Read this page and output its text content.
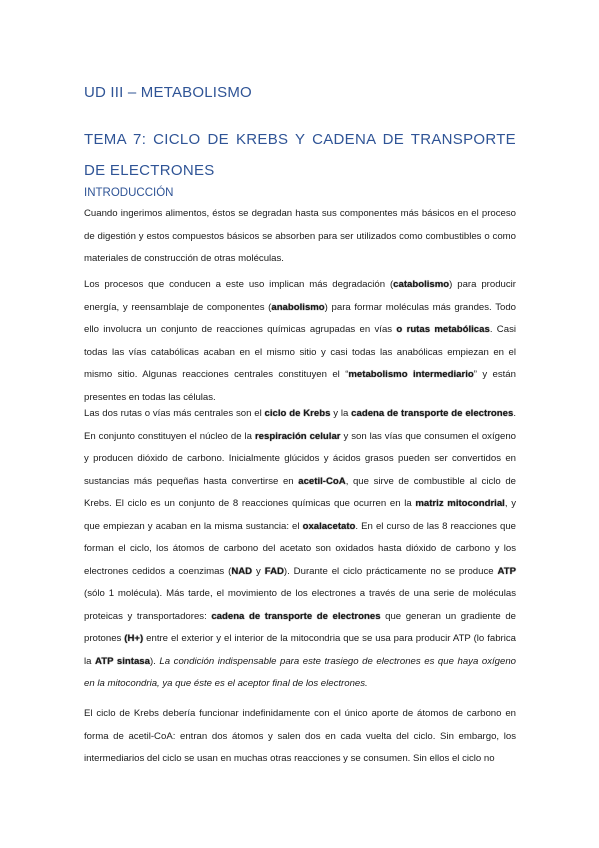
UD III – METABOLISMO
TEMA 7: CICLO DE KREBS Y CADENA DE TRANSPORTE DE ELECTRONES
INTRODUCCIÓN

Cuando ingerimos alimentos, éstos se degradan hasta sus componentes más básicos en el proceso de digestión y estos compuestos básicos se absorben para ser utilizados como combustibles o como materiales de construcción de otras moléculas.

Los procesos que conducen a este uso implican más degradación (catabolismo) para producir energía, y reensamblaje de componentes (anabolismo) para formar moléculas más grandes. Todo ello involucra un conjunto de reacciones químicas agrupadas en vías o rutas metabólicas. Casi todas las vías catabólicas acaban en el mismo sitio y casi todas las anabólicas empiezan en el mismo sitio. Algunas reacciones centrales constituyen el “metabolismo intermediario” y están presentes en todas las células.

Las dos rutas o vías más centrales son el ciclo de Krebs y la cadena de transporte de electrones. En conjunto constituyen el núcleo de la respiración celular y son las vías que consumen el oxígeno y producen dióxido de carbono. Inicialmente glúcidos y ácidos grasos pueden ser convertidos en sustancias más pequeñas hasta convertirse en acetil-CoA, que sirve de combustible al ciclo de Krebs. El ciclo es un conjunto de 8 reacciones químicas que ocurren en la matriz mitocondrial, y que empiezan y acaban en la misma sustancia: el oxalacetato. En el curso de las 8 reacciones que forman el ciclo, los átomos de carbono del acetato son oxidados hasta dióxido de carbono y los electrones cedidos a coenzimas (NAD y FAD). Durante el ciclo prácticamente no se produce ATP (sólo 1 molécula). Más tarde, el movimiento de los electrones a través de una serie de moléculas proteicas y transportadores: cadena de transporte de electrones que generan un gradiente de protones (H+) entre el exterior y el interior de la mitocondria que se usa para producir ATP (lo fabrica la ATP sintasa). La condición indispensable para este trasiego de electrones es que haya oxígeno en la mitocondria, ya que éste es el aceptor final de los electrones.

El ciclo de Krebs debería funcionar indefinidamente con el único aporte de átomos de carbono en forma de acetil-CoA: entran dos átomos y salen dos en cada vuelta del ciclo. Sin embargo, los intermediarios del ciclo se usan en muchas otras reacciones y se consumen. Sin ellos el ciclo no
